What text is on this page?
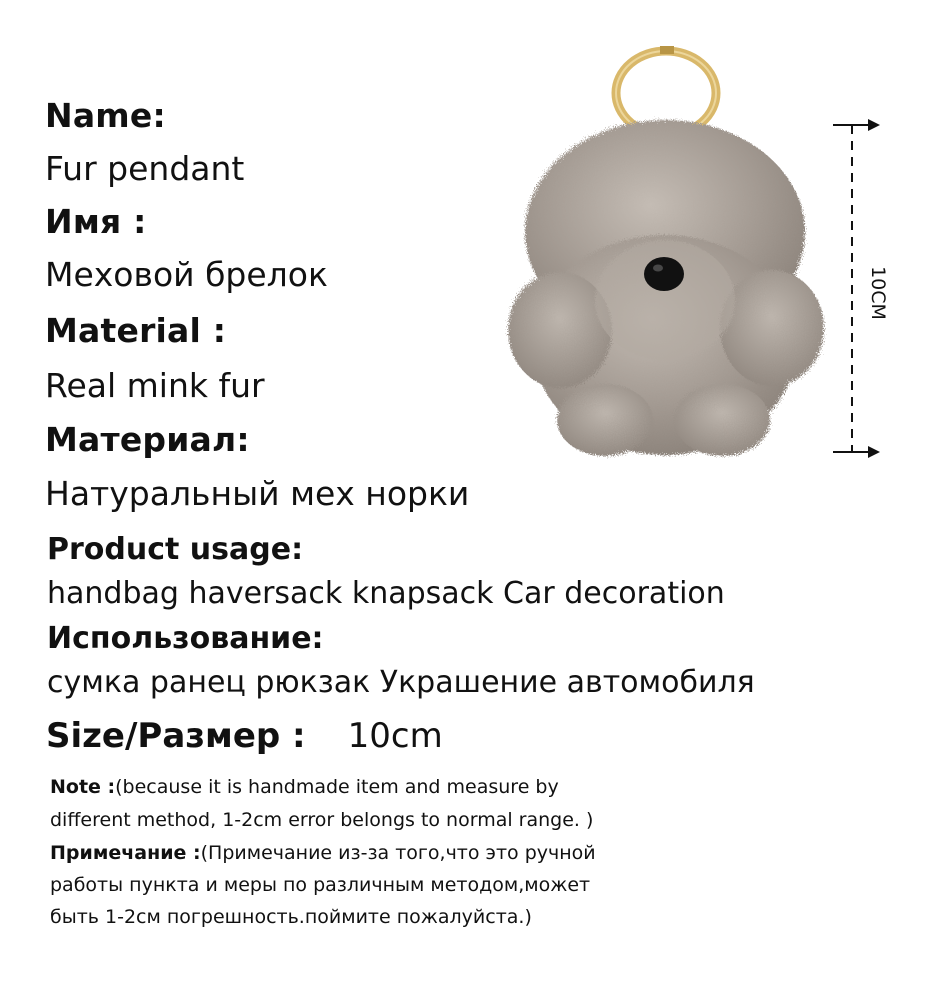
Name:

Fur pendant

Имя :

Меховой брелок

Material :

Real mink fur

Материал:

Натуральный мех норки

Product usage:

handbag haversack knapsack Car decoration

Использование:

сумка ранец рюкзак Украшение автомобиля

Size/Размер : 10cm
Note :(because it is handmade item and measure by
different method, 1-2cm error belongs to normal range. )
Примечание :(Примечание из-за того,что это ручной
работы пункта и меры по различным методом,может
быть 1-2см погрешность.поймите пожалуйста.)
10CM
